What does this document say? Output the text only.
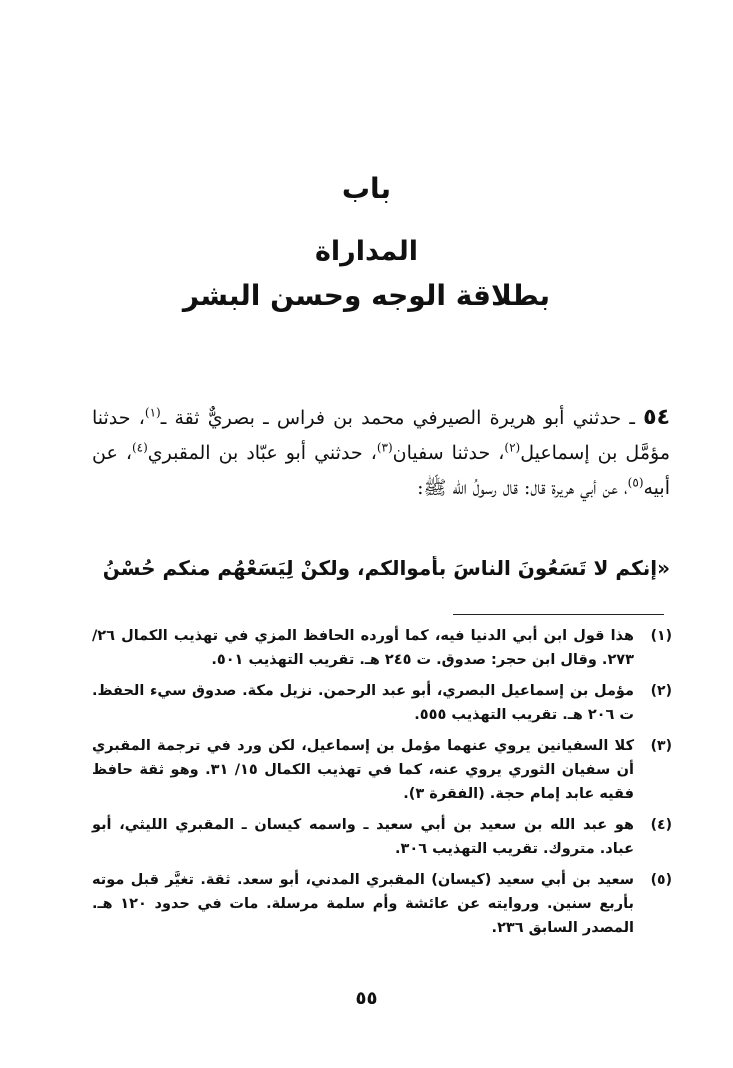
باب
المداراة
بطلاقة الوجه وحسن البشر
٥٤ ـ حدثني أبو هريرة الصيرفي محمد بن فراس ـ بصريٌّ ثقة ـ$^{(١)}$، حدثنا مؤمَّل بن إسماعيل$^{(٢)}$، حدثنا سفيان$^{(٣)}$، حدثني أبو عبّاد بن المقبري$^{(٤)}$، عن أبيه$^{(٥)}$، عن أبي هريرة قال: قال رسولُ الله ﷺ:
«إنكم لا تَسَعُونَ الناسَ بأموالكم، ولكنْ لِيَسَعْهُم منكم حُسْنُ
(١)
هذا قول ابن أبي الدنيا فيه، كما أورده الحافظ المزي في تهذيب الكمال ٢٦/ ٢٧٣. وقال ابن حجر: صدوق. ت ٢٤٥ هـ. تقريب التهذيب ٥٠١.
(٢)
مؤمل بن إسماعيل البصري، أبو عبد الرحمن. نزيل مكة. صدوق سيء الحفظ. ت ٢٠٦ هـ. تقريب التهذيب ٥٥٥.
(٣)
كلا السفيانين يروي عنهما مؤمل بن إسماعيل، لكن ورد في ترجمة المقبري أن سفيان الثوري يروي عنه، كما في تهذيب الكمال ١٥/ ٣١. وهو ثقة حافظ فقيه عابد إمام حجة. (الفقرة ٣).
(٤)
هو عبد الله بن سعيد بن أبي سعيد ـ واسمه كيسان ـ المقبري الليثي، أبو عباد. متروك. تقريب التهذيب ٣٠٦.
(٥)
سعيد بن أبي سعيد (كيسان) المقبري المدني، أبو سعد. ثقة. تغيَّر قبل موته بأربع سنين. وروايته عن عائشة وأم سلمة مرسلة. مات في حدود ١٢٠ هـ. المصدر السابق ٢٣٦.
٥٥
